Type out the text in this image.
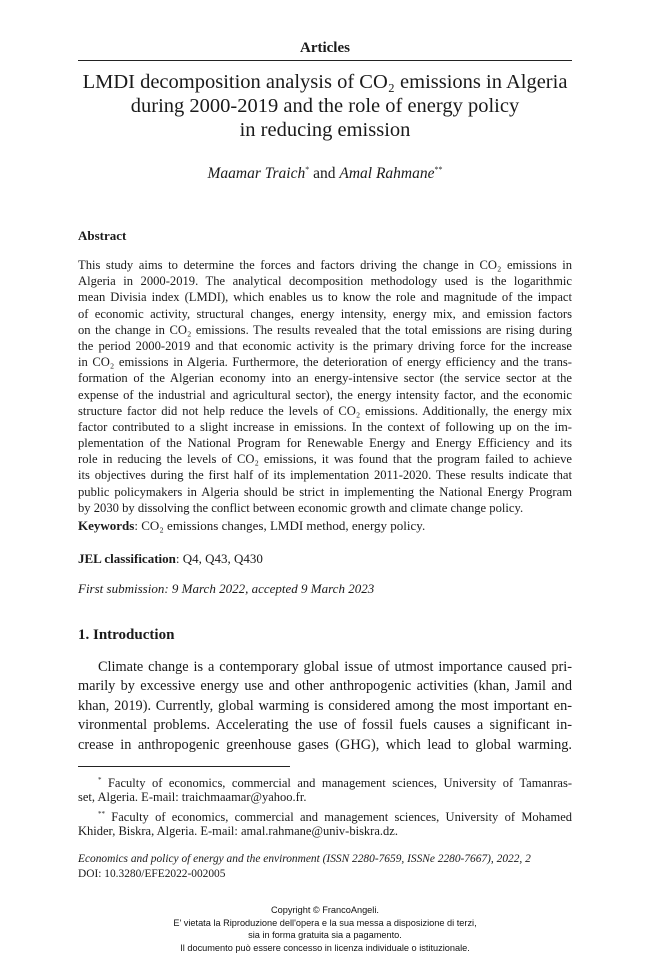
Articles
LMDI decomposition analysis of CO₂ emissions in Algeria
during 2000-2019 and the role of energy policy
in reducing emission
Maamar Traich* and Amal Rahmane**
Abstract
This study aims to determine the forces and factors driving the change in CO₂ emissions in
Algeria in 2000-2019. The analytical decomposition methodology used is the logarithmic
mean Divisia index (LMDI), which enables us to know the role and magnitude of the impact
of economic activity, structural changes, energy intensity, energy mix, and emission factors
on the change in CO₂ emissions. The results revealed that the total emissions are rising during
the period 2000-2019 and that economic activity is the primary driving force for the increase
in CO₂ emissions in Algeria. Furthermore, the deterioration of energy efficiency and the trans-
formation of the Algerian economy into an energy-intensive sector (the service sector at the
expense of the industrial and agricultural sector), the energy intensity factor, and the economic
structure factor did not help reduce the levels of CO₂ emissions. Additionally, the energy mix
factor contributed to a slight increase in emissions. In the context of following up on the im-
plementation of the National Program for Renewable Energy and Energy Efficiency and its
role in reducing the levels of CO₂ emissions, it was found that the program failed to achieve
its objectives during the first half of its implementation 2011-2020. These results indicate that
public policymakers in Algeria should be strict in implementing the National Energy Program
by 2030 by dissolving the conflict between economic growth and climate change policy.
Keywords: CO₂ emissions changes, LMDI method, energy policy.
JEL classification: Q4, Q43, Q430
First submission: 9 March 2022, accepted 9 March 2023
1. Introduction
Climate change is a contemporary global issue of utmost importance caused pri-
marily by excessive energy use and other anthropogenic activities (khan, Jamil and
khan, 2019). Currently, global warming is considered among the most important en-
vironmental problems. Accelerating the use of fossil fuels causes a significant in-
crease in anthropogenic greenhouse gases (GHG), which lead to global warming.
* Faculty of economics, commercial and management sciences, University of Tamanras-
set, Algeria. E-mail: traichmaamar@yahoo.fr.
** Faculty of economics, commercial and management sciences, University of Mohamed
Khider, Biskra, Algeria. E-mail: amal.rahmane@univ-biskra.dz.
Economics and policy of energy and the environment (ISSN 2280-7659, ISSNe 2280-7667), 2022, 2
DOI: 10.3280/EFE2022-002005
Copyright © FrancoAngeli.
E' vietata la Riproduzione dell'opera e la sua messa a disposizione di terzi,
sia in forma gratuita sia a pagamento.
Il documento può essere concesso in licenza individuale o istituzionale.
